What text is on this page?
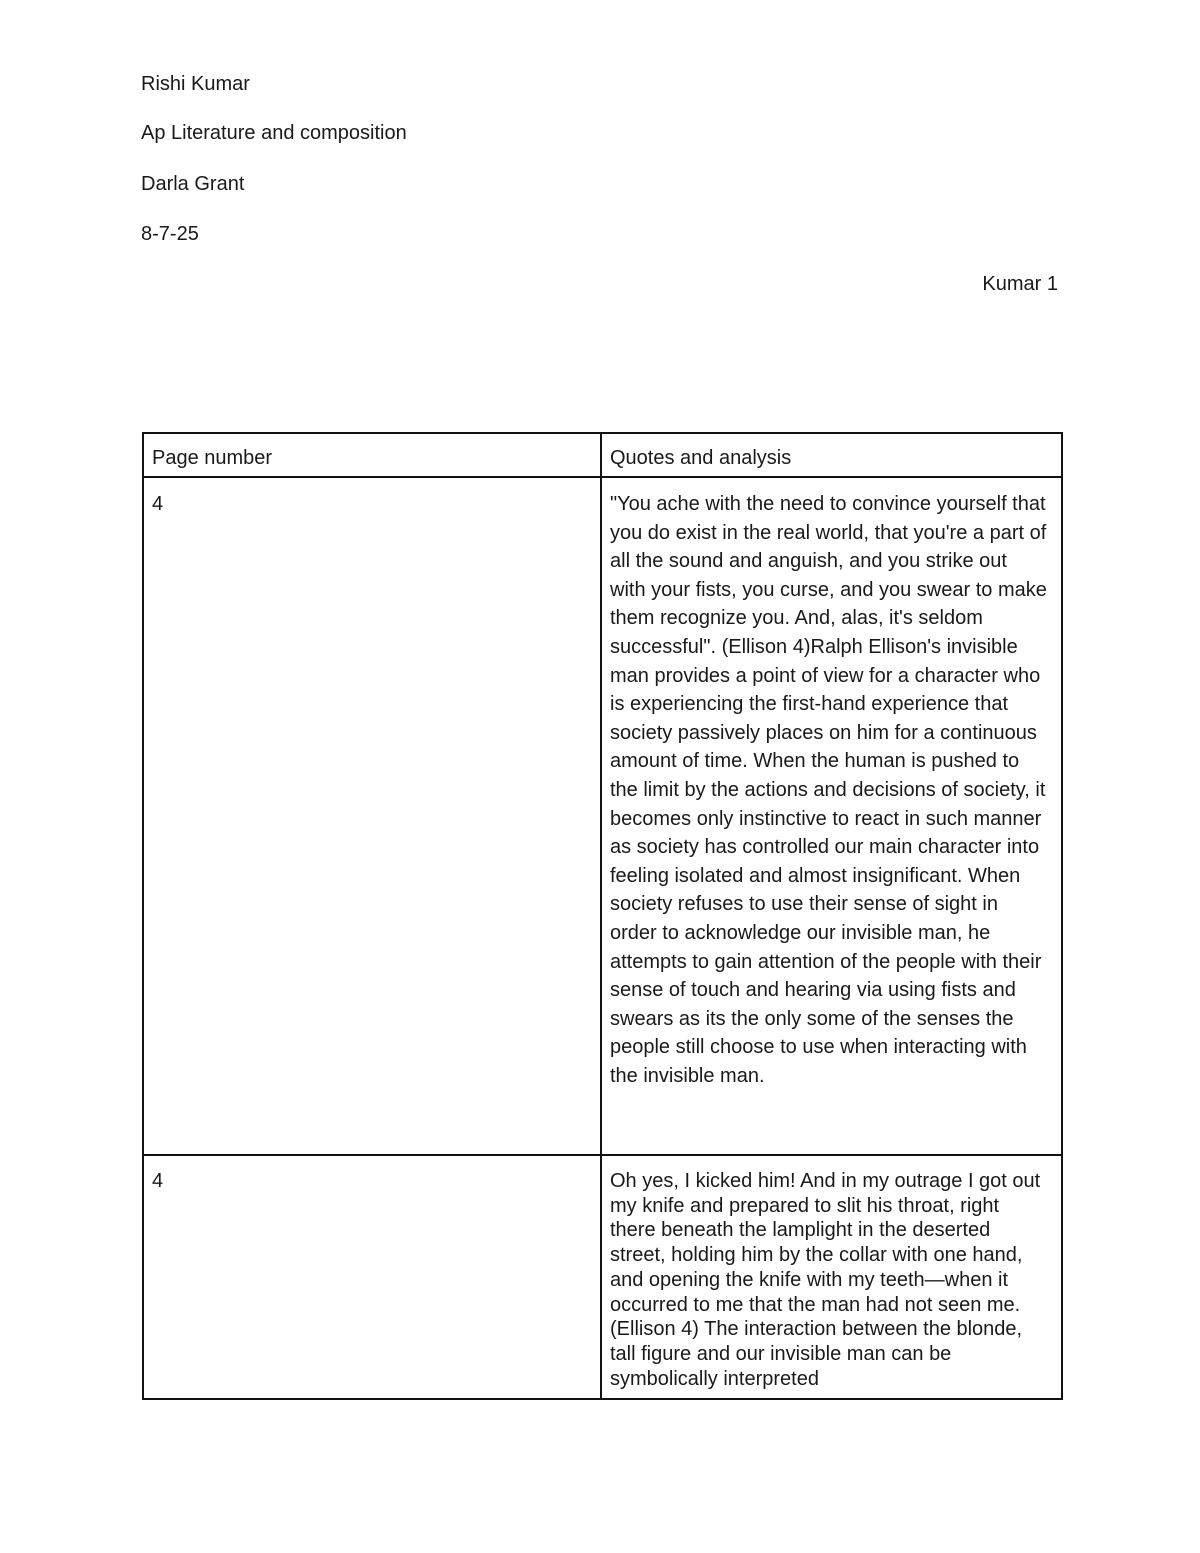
Rishi Kumar
Ap Literature and composition
Darla Grant
8-7-25
Kumar 1
Page number	Quotes and analysis
4	"You ache with the need to convince yourself that you do exist in the real world, that you're a part of all the sound and anguish, and you strike out with your fists, you curse, and you swear to make them recognize you. And, alas, it's seldom successful". (Ellison 4)Ralph Ellison's invisible man provides a point of view for a character who is experiencing the first-hand experience that society passively places on him for a continuous amount of time. When the human is pushed to the limit by the actions and decisions of society, it becomes only instinctive to react in such manner as society has controlled our main character into feeling isolated and almost insignificant. When society refuses to use their sense of sight in order to acknowledge our invisible man, he attempts to gain attention of the people with their sense of touch and hearing via using fists and swears as its the only some of the senses the people still choose to use when interacting with the invisible man.
4	Oh yes, I kicked him! And in my outrage I got out my knife and prepared to slit his throat, right there beneath the lamplight in the deserted street, holding him by the collar with one hand, and opening the knife with my teeth—when it occurred to me that the man had not seen me. (Ellison 4) The interaction between the blonde, tall figure and our invisible man can be symbolically interpreted
